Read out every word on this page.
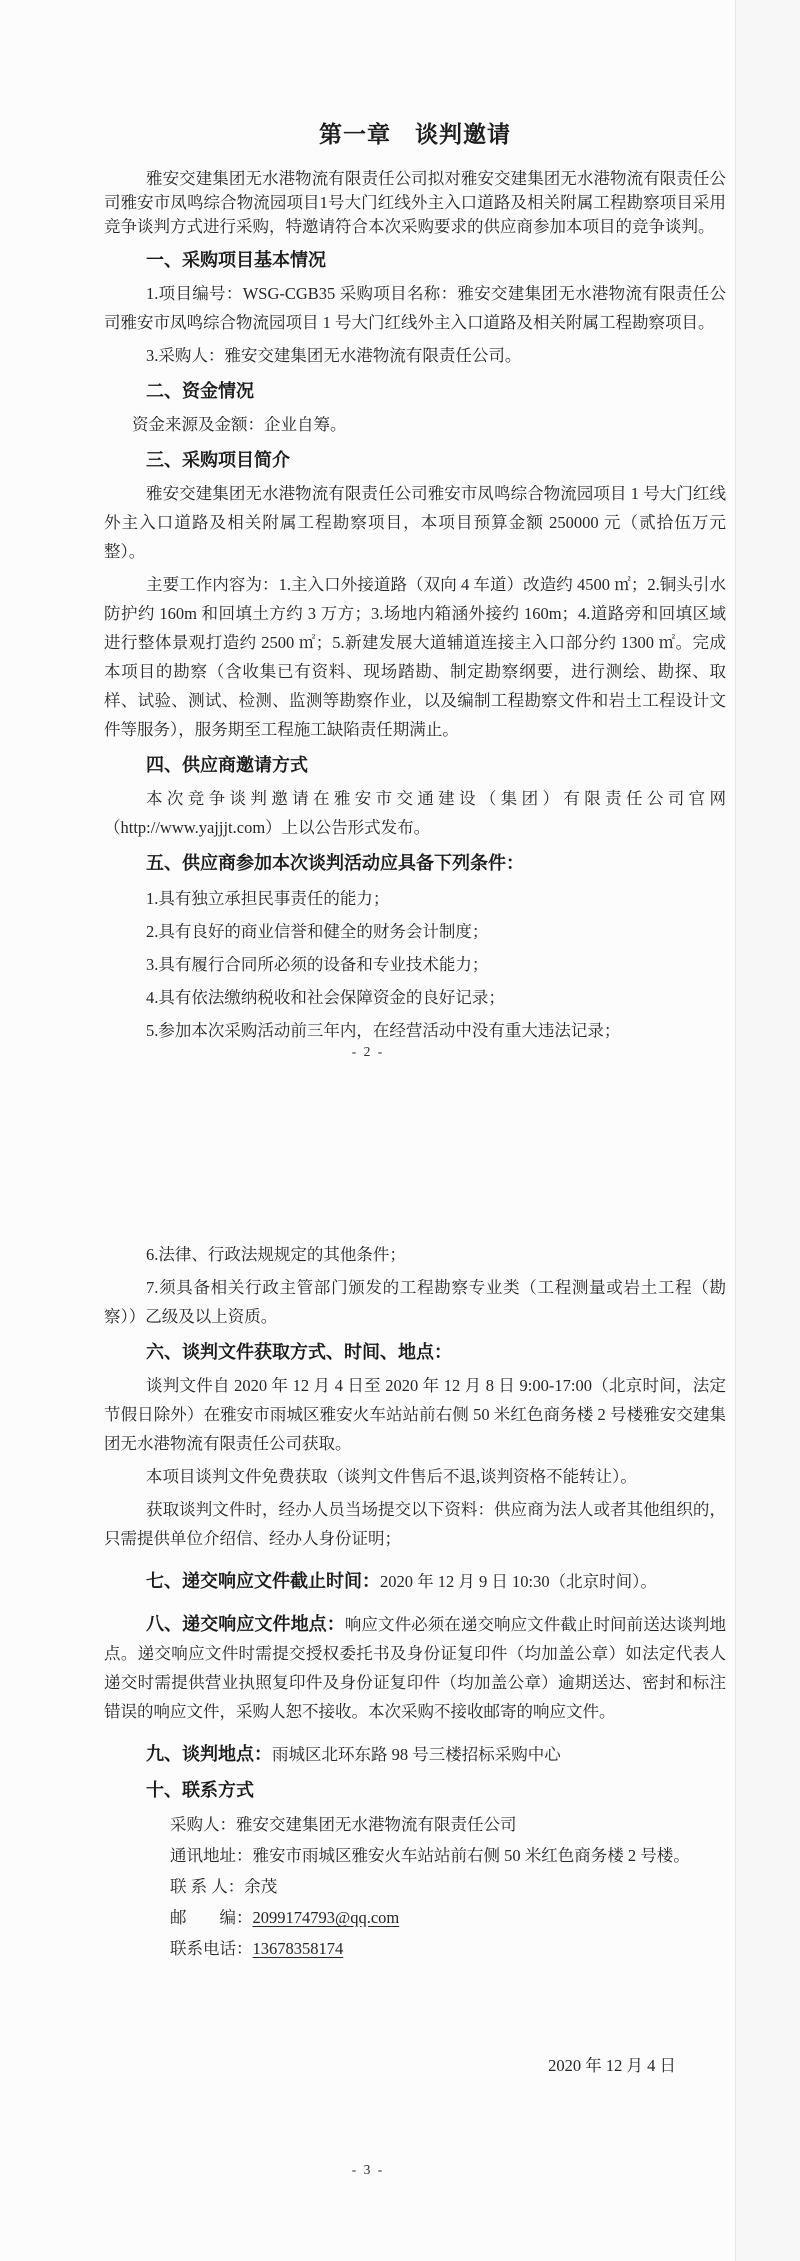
第一章　谈判邀请

雅安交建集团无水港物流有限责任公司拟对雅安交建集团无水港物流有限责任公司雅安市凤鸣综合物流园项目1号大门红线外主入口道路及相关附属工程勘察项目采用竞争谈判方式进行采购，特邀请符合本次采购要求的供应商参加本项目的竞争谈判。

一、采购项目基本情况

1.项目编号：WSG-CGB35 采购项目名称：雅安交建集团无水港物流有限责任公司雅安市凤鸣综合物流园项目 1 号大门红线外主入口道路及相关附属工程勘察项目。

3.采购人：雅安交建集团无水港物流有限责任公司。

二、资金情况

资金来源及金额：企业自筹。

三、采购项目简介

雅安交建集团无水港物流有限责任公司雅安市凤鸣综合物流园项目 1 号大门红线外主入口道路及相关附属工程勘察项目，本项目预算金额 250000 元（贰拾伍万元整）。

主要工作内容为：1.主入口外接道路（双向 4 车道）改造约 4500 ㎡；2.铜头引水防护约 160m 和回填土方约 3 万方；3.场地内箱涵外接约 160m；4.道路旁和回填区域进行整体景观打造约 2500 ㎡；5.新建发展大道辅道连接主入口部分约 1300 ㎡。完成本项目的勘察（含收集已有资料、现场踏勘、制定勘察纲要，进行测绘、勘探、取样、试验、测试、检测、监测等勘察作业，以及编制工程勘察文件和岩土工程设计文件等服务），服务期至工程施工缺陷责任期满止。

四、供应商邀请方式

本次竞争谈判邀请在雅安市交通建设（集团）有限责任公司官网（http://www.yajjjt.com）上以公告形式发布。

五、供应商参加本次谈判活动应具备下列条件：

1.具有独立承担民事责任的能力；

2.具有良好的商业信誉和健全的财务会计制度；

3.具有履行合同所必须的设备和专业技术能力；

4.具有依法缴纳税收和社会保障资金的良好记录；

5.参加本次采购活动前三年内，在经营活动中没有重大违法记录；

- 2 -

6.法律、行政法规规定的其他条件；

7.须具备相关行政主管部门颁发的工程勘察专业类（工程测量或岩土工程（勘察））乙级及以上资质。

六、谈判文件获取方式、时间、地点：

谈判文件自 2020 年 12 月 4 日至 2020 年 12 月 8 日 9:00-17:00（北京时间，法定节假日除外）在雅安市雨城区雅安火车站站前右侧 50 米红色商务楼 2 号楼雅安交建集团无水港物流有限责任公司获取。

本项目谈判文件免费获取（谈判文件售后不退,谈判资格不能转让）。

获取谈判文件时，经办人员当场提交以下资料：供应商为法人或者其他组织的，只需提供单位介绍信、经办人身份证明；

七、递交响应文件截止时间：2020 年 12 月 9 日 10:30（北京时间）。

八、递交响应文件地点：响应文件必须在递交响应文件截止时间前送达谈判地点。递交响应文件时需提交授权委托书及身份证复印件（均加盖公章）如法定代表人递交时需提供营业执照复印件及身份证复印件（均加盖公章）逾期送达、密封和标注错误的响应文件，采购人恕不接收。本次采购不接收邮寄的响应文件。

九、谈判地点：雨城区北环东路 98 号三楼招标采购中心

十、联系方式

采购人：雅安交建集团无水港物流有限责任公司

通讯地址：雅安市雨城区雅安火车站站前右侧 50 米红色商务楼 2 号楼。

联 系 人：余茂

邮　　编：2099174793@qq.com

联系电话：13678358174

2020 年 12 月 4 日

- 3 -
